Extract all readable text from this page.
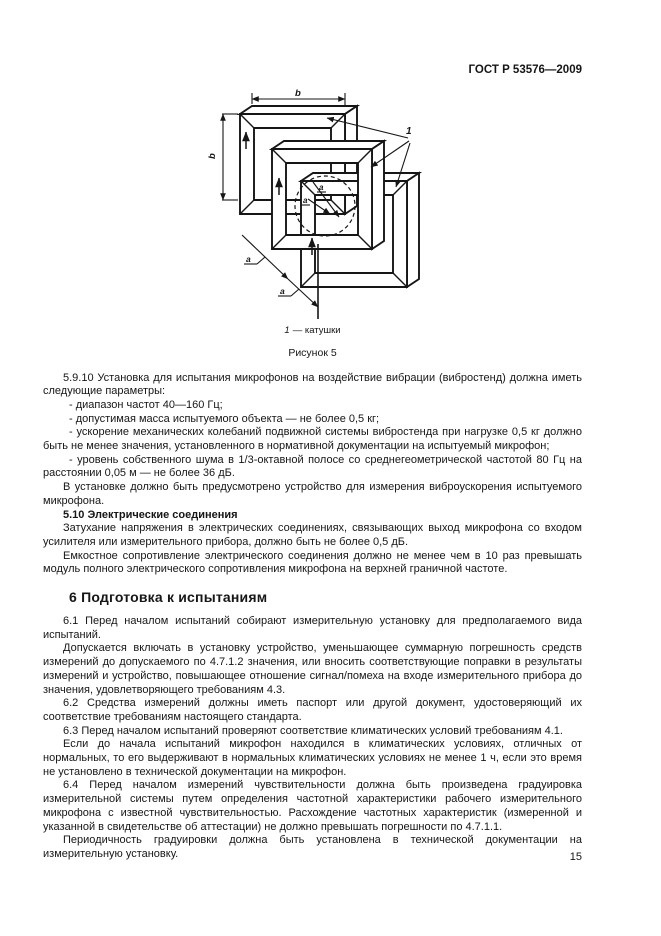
ГОСТ Р 53576—2009

b
b
a
a
a
a
1

1 — катушки

Рисунок 5

5.9.10 Установка для испытания микрофонов на воздействие вибрации (вибростенд) должна иметь следующие параметры:

- диапазон частот 40—160 Гц;

- допустимая масса испытуемого объекта — не более 0,5 кг;

- ускорение механических колебаний подвижной системы вибростенда при нагрузке 0,5 кг должно быть не менее значения, установленного в нормативной документации на испытуемый микрофон;

- уровень собственного шума в 1/3-октавной полосе со среднегеометрической частотой 80 Гц на расстоянии 0,05 м — не более 36 дБ.

В установке должно быть предусмотрено устройство для измерения виброускорения испытуемого микрофона.

5.10 Электрические соединения

Затухание напряжения в электрических соединениях, связывающих выход микрофона со входом усилителя или измерительного прибора, должно быть не более 0,5 дБ.

Емкостное сопротивление электрического соединения должно не менее чем в 10 раз превышать модуль полного электрического сопротивления микрофона на верхней граничной частоте.

6 Подготовка к испытаниям

6.1 Перед началом испытаний собирают измерительную установку для предполагаемого вида испытаний.

Допускается включать в установку устройство, уменьшающее суммарную погрешность средств измерений до допускаемого по 4.7.1.2 значения, или вносить соответствующие поправки в результаты измерений и устройство, повышающее отношение сигнал/помеха на входе измерительного прибора до значения, удовлетворяющего требованиям 4.3.

6.2 Средства измерений должны иметь паспорт или другой документ, удостоверяющий их соответствие требованиям настоящего стандарта.

6.3 Перед началом испытаний проверяют соответствие климатических условий требованиям 4.1.

Если до начала испытаний микрофон находился в климатических условиях, отличных от нормальных, то его выдерживают в нормальных климатических условиях не менее 1 ч, если это время не установлено в технической документации на микрофон.

6.4 Перед началом измерений чувствительности должна быть произведена градуировка измерительной системы путем определения частотной характеристики рабочего измерительного микрофона с известной чувствительностью. Расхождение частотных характеристик (измеренной и указанной в свидетельстве об аттестации) не должно превышать погрешности по 4.7.1.1.

Периодичность градуировки должна быть установлена в технической документации на измерительную установку.	15
